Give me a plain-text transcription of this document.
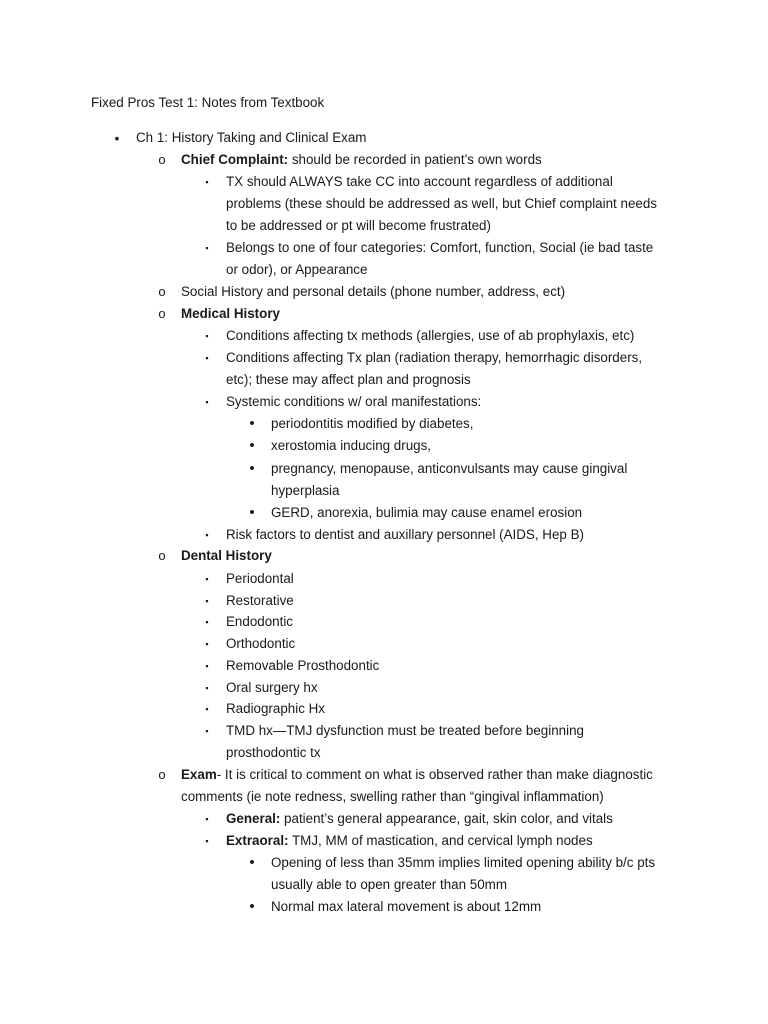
Fixed Pros Test 1: Notes from Textbook
•	Ch 1: History Taking and Clinical Exam
o Chief Complaint: should be recorded in patient’s own words
▪	TX should ALWAYS take CC into account regardless of additional
problems (these should be addressed as well, but Chief complaint needs
to be addressed or pt will become frustrated)
▪	Belongs to one of four categories: Comfort, function, Social (ie bad taste
or odor), or Appearance
o Social History and personal details (phone number, address, ect)
o Medical History
▪	Conditions affecting tx methods (allergies, use of ab prophylaxis, etc)
▪	Conditions affecting Tx plan (radiation therapy, hemorrhagic disorders,
etc); these may affect plan and prognosis
▪	Systemic conditions w/ oral manifestations:
•	periodontitis modified by diabetes,
•	xerostomia inducing drugs,
•	pregnancy, menopause, anticonvulsants may cause gingival
hyperplasia
•	GERD, anorexia, bulimia may cause enamel erosion
▪	Risk factors to dentist and auxillary personnel (AIDS, Hep B)
o Dental History
▪	Periodontal
▪	Restorative
▪	Endodontic
▪	Orthodontic
▪	Removable Prosthodontic
▪	Oral surgery hx
▪	Radiographic Hx
▪	TMD hx—TMJ dysfunction must be treated before beginning
prosthodontic tx
o Exam- It is critical to comment on what is observed rather than make diagnostic
comments (ie note redness, swelling rather than “gingival inflammation)
▪	General: patient’s general appearance, gait, skin color, and vitals
▪	Extraoral: TMJ, MM of mastication, and cervical lymph nodes
•	Opening of less than 35mm implies limited opening ability b/c pts
usually able to open greater than 50mm
•	Normal max lateral movement is about 12mm
